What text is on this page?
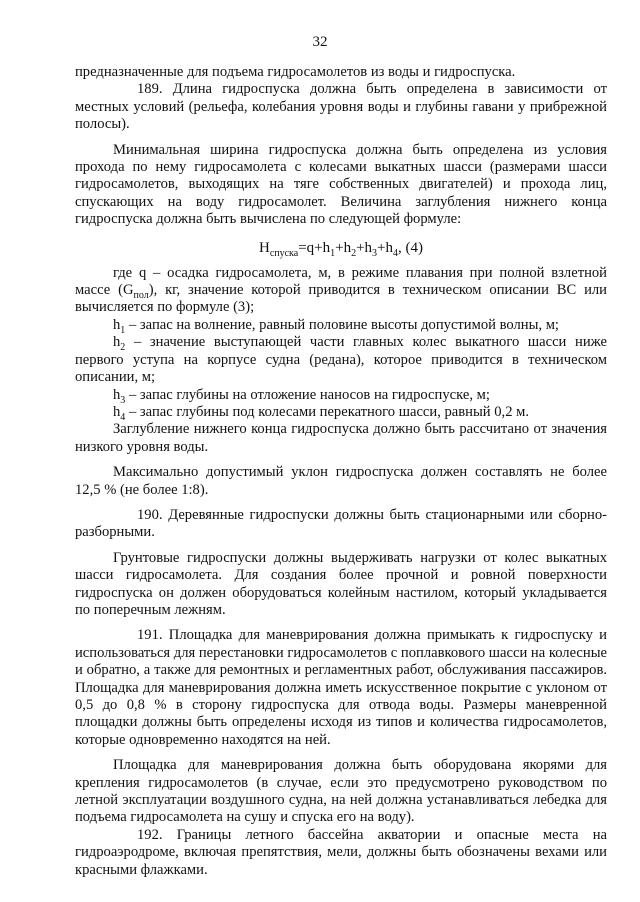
32

предназначенные для подъема гидросамолетов из воды и гидроспуска.

189. Длина гидроспуска должна быть определена в зависимости от местных условий (рельефа, колебания уровня воды и глубины гавани у прибрежной полосы).

Минимальная ширина гидроспуска должна быть определена из условия прохода по нему гидросамолета с колесами выкатных шасси (размерами шасси гидросамолетов, выходящих на тяге собственных двигателей) и прохода лиц, спускающих на воду гидросамолет. Величина заглубления нижнего конца гидроспуска должна быть вычислена по следующей формуле:

$H_{спуска}=q+h_1+h_2+h_3+h_4$, (4)

где q – осадка гидросамолета, м, в режиме плавания при полной взлетной массе $(G_{пол})$, кг, значение которой приводится в техническом описании ВС или вычисляется по формуле (3);

$h_1$ – запас на волнение, равный половине высоты допустимой волны, м;

$h_2$ – значение выступающей части главных колес выкатного шасси ниже первого уступа на корпусе судна (редана), которое приводится в техническом описании, м;

$h_3$ – запас глубины на отложение наносов на гидроспуске, м;

$h_4$ – запас глубины под колесами перекатного шасси, равный 0,2 м.

Заглубление нижнего конца гидроспуска должно быть рассчитано от значения низкого уровня воды.

Максимально допустимый уклон гидроспуска должен составлять не более 12,5 % (не более 1:8).

190. Деревянные гидроспуски должны быть стационарными или сборно-разборными.

Грунтовые гидроспуски должны выдерживать нагрузки от колес выкатных шасси гидросамолета. Для создания более прочной и ровной поверхности гидроспуска он должен оборудоваться колейным настилом, который укладывается по поперечным лежням.

191. Площадка для маневрирования должна примыкать к гидроспуску и использоваться для перестановки гидросамолетов с поплавкового шасси на колесные и обратно, а также для ремонтных и регламентных работ, обслуживания пассажиров. Площадка для маневрирования должна иметь искусственное покрытие с уклоном от 0,5 до 0,8 % в сторону гидроспуска для отвода воды. Размеры маневренной площадки должны быть определены исходя из типов и количества гидросамолетов, которые одновременно находятся на ней.

Площадка для маневрирования должна быть оборудована якорями для крепления гидросамолетов (в случае, если это предусмотрено руководством по летной эксплуатации воздушного судна, на ней должна устанавливаться лебедка для подъема гидросамолета на сушу и спуска его на воду).

192. Границы летного бассейна акватории и опасные места на гидроаэродроме, включая препятствия, мели, должны быть обозначены вехами или красными флажками.
